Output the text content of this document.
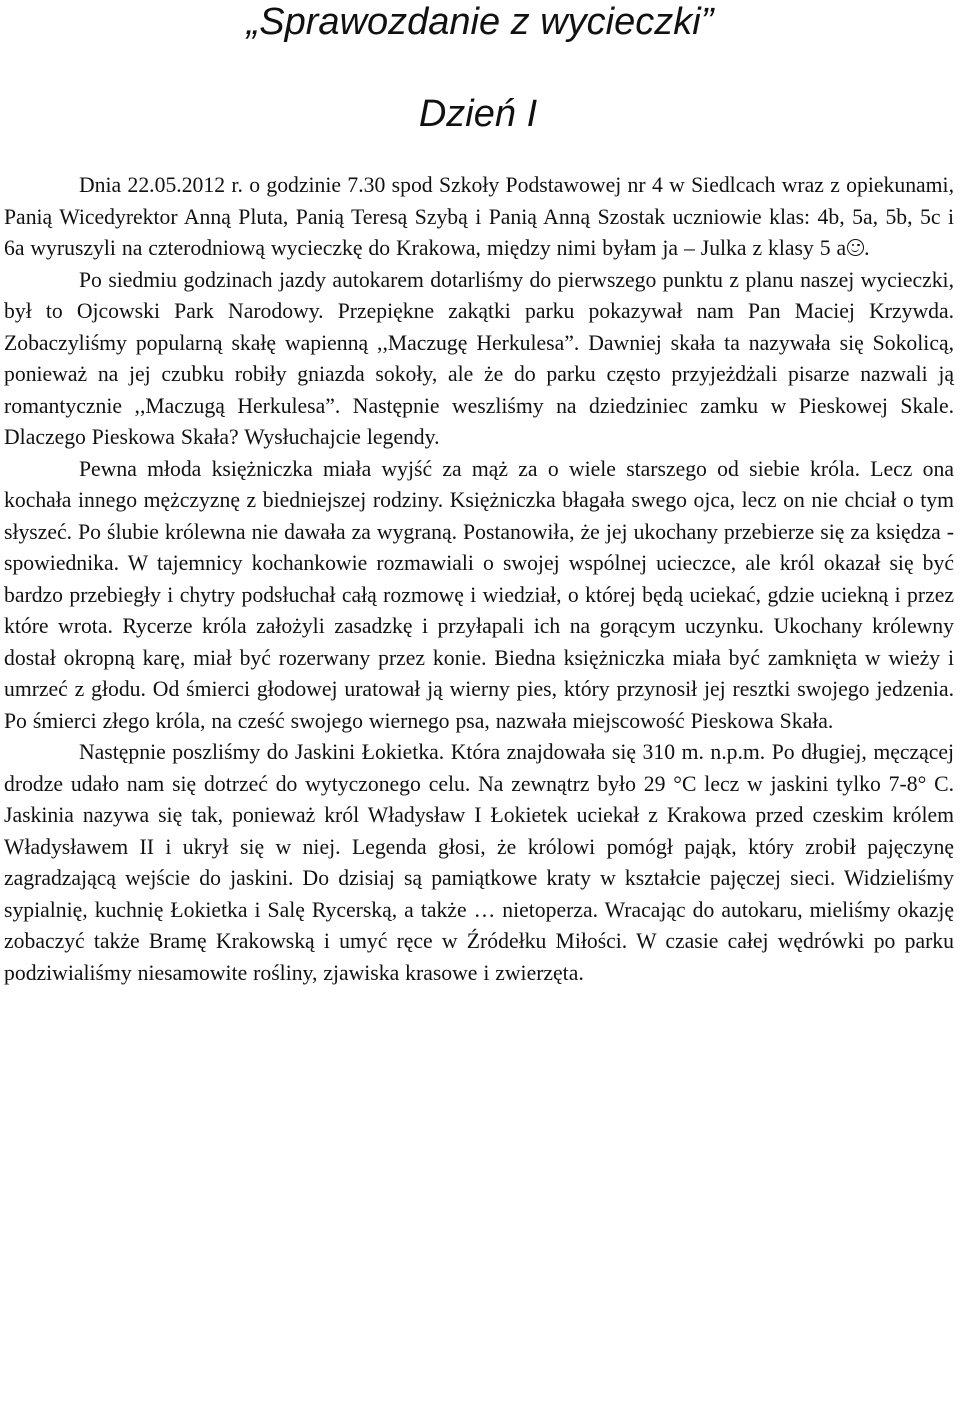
„Sprawozdanie z wycieczki”
Dzień I

Dnia 22.05.2012 r. o godzinie 7.30 spod Szkoły Podstawowej nr 4 w Siedlcach wraz z opiekunami, Panią Wicedyrektor Anną Pluta, Panią Teresą Szybą i Panią Anną Szostak uczniowie klas: 4b, 5a, 5b, 5c i 6a wyruszyli na czterodniową wycieczkę do Krakowa, między nimi byłam ja – Julka z klasy 5 a .

Po siedmiu godzinach jazdy autokarem dotarliśmy do pierwszego punktu z planu naszej wycieczki, był to Ojcowski Park Narodowy. Przepiękne zakątki parku pokazywał nam Pan Maciej Krzywda. Zobaczyliśmy popularną skałę wapienną ,,Maczugę Herkulesa”. Dawniej skała ta nazywała się Sokolicą, ponieważ na jej czubku robiły gniazda sokoły, ale że do parku często przyjeżdżali pisarze nazwali ją romantycznie ,,Maczugą Herkulesa”. Następnie weszliśmy na dziedziniec zamku w Pieskowej Skale. Dlaczego Pieskowa Skała? Wysłuchajcie legendy.

Pewna młoda księżniczka miała wyjść za mąż za o wiele starszego od siebie króla. Lecz ona kochała innego mężczyznę z biedniejszej rodziny. Księżniczka błagała swego ojca, lecz on nie chciał o tym słyszeć. Po ślubie królewna nie dawała za wygraną. Postanowiła, że jej ukochany przebierze się za księdza - spowiednika. W tajemnicy kochankowie rozmawiali o swojej wspólnej ucieczce, ale król okazał się być bardzo przebiegły i chytry podsłuchał całą rozmowę i wiedział, o której będą uciekać, gdzie uciekną i przez które wrota. Rycerze króla założyli zasadzkę i przyłapali ich na gorącym uczynku. Ukochany królewny dostał okropną karę, miał być rozerwany przez konie. Biedna księżniczka miała być zamknięta w wieży i umrzeć z głodu. Od śmierci głodowej uratował ją wierny pies, który przynosił jej resztki swojego jedzenia. Po śmierci złego króla, na cześć swojego wiernego psa, nazwała miejscowość Pieskowa Skała.

Następnie poszliśmy do Jaskini Łokietka. Która znajdowała się 310 m. n.p.m. Po długiej, męczącej drodze udało nam się dotrzeć do wytyczonego celu. Na zewnątrz było 29 °C lecz w jaskini tylko 7-8° C. Jaskinia nazywa się tak, ponieważ król Władysław I Łokietek uciekał z Krakowa przed czeskim królem Władysławem II i ukrył się w niej. Legenda głosi, że królowi pomógł pająk, który zrobił pajęczynę zagradzającą wejście do jaskini. Do dzisiaj są pamiątkowe kraty w kształcie pajęczej sieci. Widzieliśmy sypialnię, kuchnię Łokietka i Salę Rycerską, a także … nietoperza. Wracając do autokaru, mieliśmy okazję zobaczyć także Bramę Krakowską i umyć ręce w Źródełku Miłości. W czasie całej wędrówki po parku podziwialiśmy niesamowite rośliny, zjawiska krasowe i zwierzęta.
